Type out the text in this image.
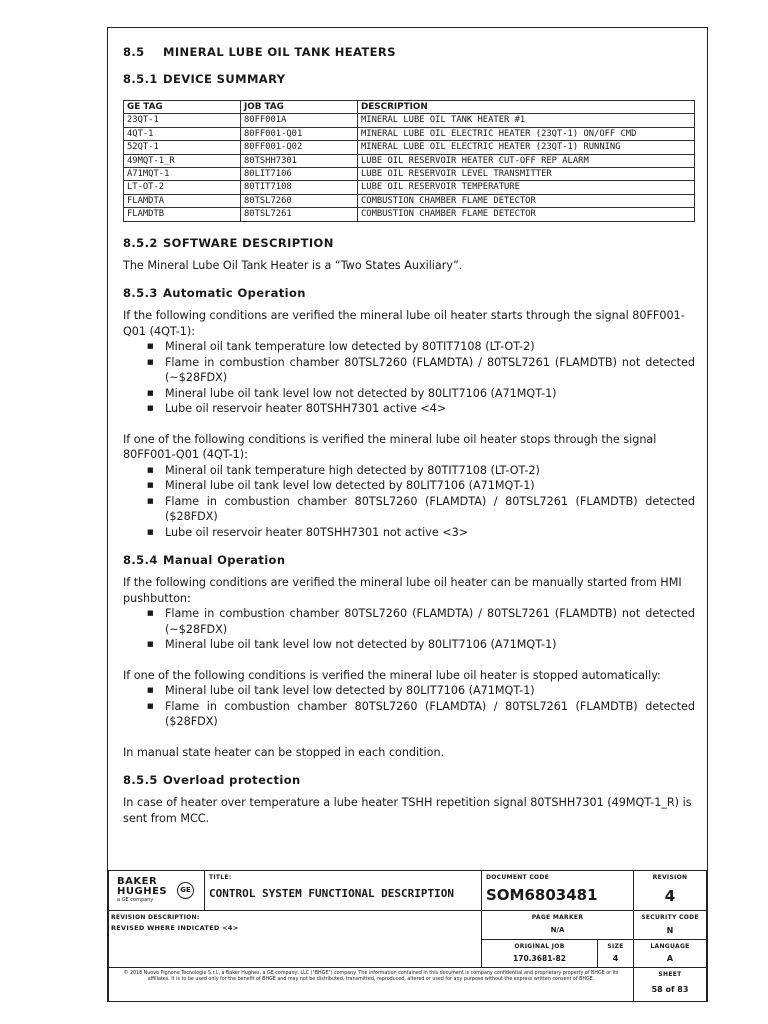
8.5 MINERAL LUBE OIL TANK HEATERS
8.5.1 DEVICE SUMMARY
GE TAG	JOB TAG	DESCRIPTION
23QT-1	80FF001A	MINERAL LUBE OIL TANK HEATER #1
4QT-1	80FF001-Q01	MINERAL LUBE OIL ELECTRIC HEATER (23QT-1) ON/OFF CMD
52QT-1	80FF001-Q02	MINERAL LUBE OIL ELECTRIC HEATER (23QT-1) RUNNING
49MQT-1_R	80TSHH7301	LUBE OIL RESERVOIR HEATER CUT-OFF REP ALARM
A71MQT-1	80LIT7106	LUBE OIL RESERVOIR LEVEL TRANSMITTER
LT-OT-2	80TIT7108	LUBE OIL RESERVOIR TEMPERATURE
FLAMDTA	80TSL7260	COMBUSTION CHAMBER FLAME DETECTOR
FLAMDTB	80TSL7261	COMBUSTION CHAMBER FLAME DETECTOR
8.5.2 SOFTWARE DESCRIPTION

The Mineral Lube Oil Tank Heater is a “Two States Auxiliary”.

8.5.3 Automatic Operation

If the following conditions are verified the mineral lube oil heater starts through the signal 80FF001-Q01 (4QT-1):

■ Mineral oil tank temperature low detected by 80TIT7108 (LT-OT-2)
■ Flame in combustion chamber 80TSL7260 (FLAMDTA) / 80TSL7261 (FLAMDTB) not detected (~$28FDX)
■ Mineral lube oil tank level low not detected by 80LIT7106 (A71MQT-1)
■ Lube oil reservoir heater 80TSHH7301 active <4>

If one of the following conditions is verified the mineral lube oil heater stops through the signal 80FF001-Q01 (4QT-1):

■ Mineral oil tank temperature high detected by 80TIT7108 (LT-OT-2)
■ Mineral lube oil tank level low detected by 80LIT7106 (A71MQT-1)
■ Flame in combustion chamber 80TSL7260 (FLAMDTA) / 80TSL7261 (FLAMDTB) detected ($28FDX)
■ Lube oil reservoir heater 80TSHH7301 not active <3>
8.5.4 Manual Operation

If the following conditions are verified the mineral lube oil heater can be manually started from HMI pushbutton:

■ Flame in combustion chamber 80TSL7260 (FLAMDTA) / 80TSL7261 (FLAMDTB) not detected (~$28FDX)
■ Mineral lube oil tank level low not detected by 80LIT7106 (A71MQT-1)

If one of the following conditions is verified the mineral lube oil heater is stopped automatically:

■ Mineral lube oil tank level low detected by 80LIT7106 (A71MQT-1)
■ Flame in combustion chamber 80TSL7260 (FLAMDTA) / 80TSL7261 (FLAMDTB) detected ($28FDX)

In manual state heater can be stopped in each condition.

8.5.5 Overload protection

In case of heater over temperature a lube heater TSHH repetition signal 80TSHH7301 (49MQT-1_R) is sent from MCC.

BAKER
HUGHES
a GE company
GE
TITLE:
CONTROL SYSTEM FUNCTIONAL DESCRIPTION
DOCUMENT CODE
SOM6803481
REVISION
4
REVISION DESCRIPTION:
REVISED WHERE INDICATED <4>
PAGE MARKER
N/A
SECURITY CODE
N
ORIGINAL JOB
170.3681-82
SIZE
4
LANGUAGE
A
© 2018 Nuovo Pignone Tecnologie S.r.l., a Baker Hughes, a GE company, LLC ("BHGE") company. The information contained in this document is company confidential and proprietary property of BHGE or its affiliates. It is to be used only for the benefit of BHGE and may not be distributed, transmitted, reproduced, altered or used for any purpose without the express written consent of BHGE.
SHEET
58 of 83
